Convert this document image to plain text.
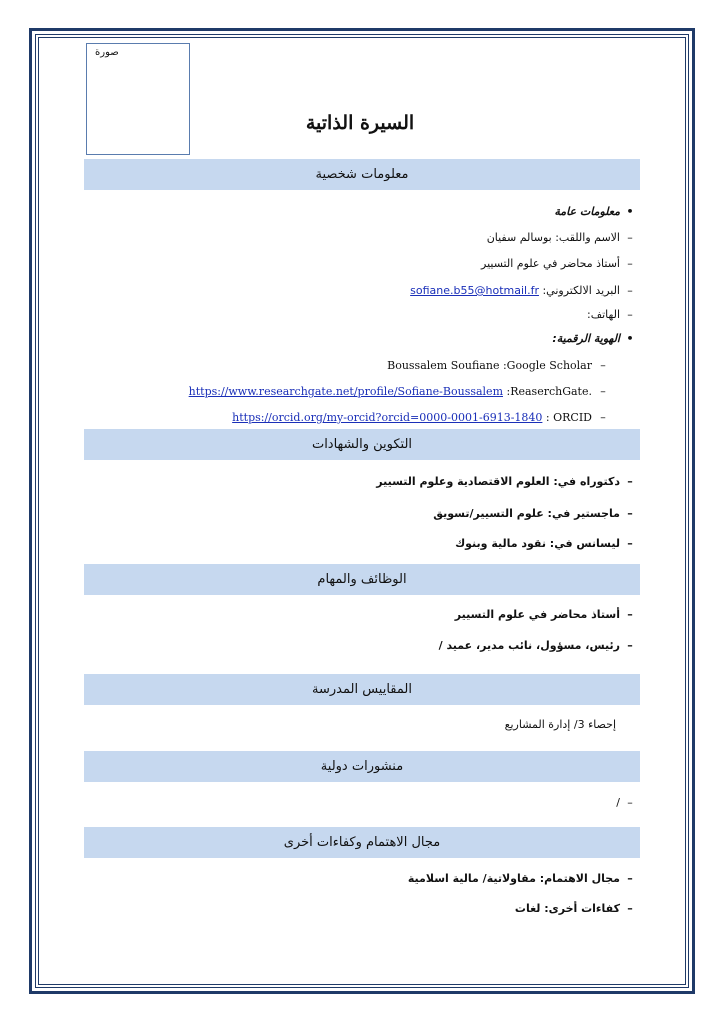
صورة
السيرة الذاتية
معلومات شخصية
•معلومات عامة
–الاسم واللقب: بوسالم سفيان
–أستاذ محاضر في علوم التسيير
–البريد الالكتروني: sofiane.b55@hotmail.fr
–الهاتف:
•الهوية الرقمية:
Boussalem Soufiane :Google Scholar –
https://www.researchgate.net/profile/Sofiane-Boussalem :ReaserchGate. –
https://orcid.org/my-orcid?orcid=0000-0001-6913-1840 : ORCID –
التكوين والشهادات
–دكتوراه في: العلوم الاقتصادية وعلوم التسيير
–ماجستير في: علوم التسيير/تسويق
–ليسانس في: نقود مالية وبنوك
الوظائف والمهام
–أستاذ محاضر في علوم التسيير
–رئيس، مسؤول، نائب مدير، عميد /
المقاييس المدرسة
إحصاء 3/ إدارة المشاريع
منشورات دولية
–/
مجال الاهتمام وكفاءات أخرى
–مجال الاهتمام: مقاولاتية/ مالية اسلامية
–كفاءات أخرى: لغات
